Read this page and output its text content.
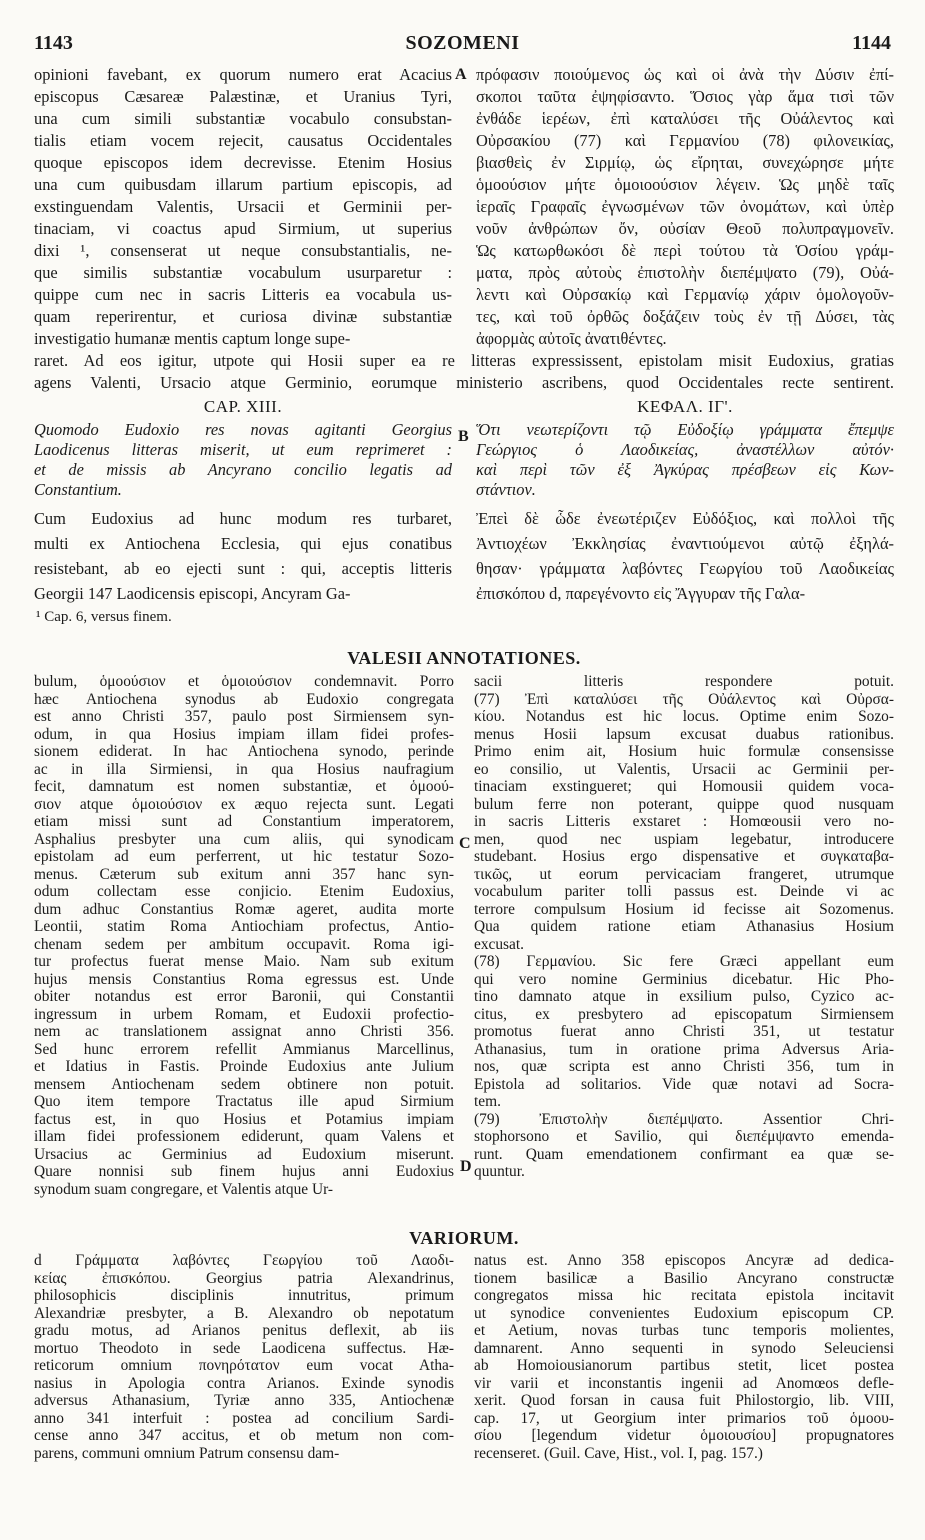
1143	SOZOMENI	1144
opinioni favebant, ex quorum numero erat Acacius
episcopus Cæsareæ Palæstinæ, et Uranius Tyri,
una cum simili substantiæ vocabulo consubstan-
tialis etiam vocem rejecit, causatus Occidentales
quoque episcopos idem decrevisse. Etenim Hosius
una cum quibusdam illarum partium episcopis, ad
exstinguendam Valentis, Ursacii et Germinii per-
tinaciam, vi coactus apud Sirmium, ut superius
dixi ¹, consenserat ut neque consubstantialis, ne-
que similis substantiæ vocabulum usurparetur :
quippe cum nec in sacris Litteris ea vocabula us-
quam reperirentur, et curiosa divinæ substantiæ
investigatio humanæ mentis captum longe supe-
πρόφασιν ποιούμενος ὡς καὶ οἱ ἀνὰ τὴν Δύσιν ἐπί-
σκοποι ταῦτα ἐψηφίσαντο. Ὅσιος γὰρ ἅμα τισὶ τῶν
ἐνθάδε ἱερέων, ἐπὶ καταλύσει τῆς Οὐάλεντος καὶ
Οὐρσακίου (77) καὶ Γερμανίου (78) φιλονεικίας,
βιασθεὶς ἐν Σιρμίῳ, ὡς εἴρηται, συνεχώρησε μήτε
ὁμοούσιον μήτε ὁμοιοούσιον λέγειν. Ὡς μηδὲ ταῖς
ἱεραῖς Γραφαῖς ἐγνωσμένων τῶν ὀνομάτων, καὶ ὑπὲρ
νοῦν ἀνθρώπων ὄν, οὐσίαν Θεοῦ πολυπραγμονεῖν.
Ὡς κατωρθωκόσι δὲ περὶ τούτου τὰ Ὁσίου γράμ-
ματα, πρὸς αὐτοὺς ἐπιστολὴν διεπέμψατο (79), Οὐά-
λεντι καὶ Οὐρσακίῳ καὶ Γερμανίῳ χάριν ὁμολογοῦν-
τες, καὶ τοῦ ὀρθῶς δοξάζειν τοὺς ἐν τῇ Δύσει, τὰς
ἀφορμὰς αὐτοῖς ἀνατιθέντες.
raret. Ad eos igitur, utpote qui Hosii super ea re litteras expressissent, epistolam misit Eudoxius, gratias
agens Valenti, Ursacio atque Germinio, eorumque ministerio ascribens, quod Occidentales recte sentirent.
CAP. XIII.	ΚΕΦΑΛ. ΙΓ'.
Quomodo Eudoxio res novas agitanti Georgius
Laodicenus litteras miserit, ut eum reprimeret :
et de missis ab Ancyrano concilio legatis ad
Constantium.
Ὅτι νεωτερίζοντι τῷ Εὐδοξίῳ γράμματα ἔπεμψε
Γεώργιος ὁ Λαοδικείας, ἀναστέλλων αὐτόν·
καὶ περὶ τῶν ἐξ Ἀγκύρας πρέσβεων εἰς Κων-
στάντιον.
Cum Eudoxius ad hunc modum res turbaret,
multi ex Antiochena Ecclesia, qui ejus conatibus
resistebant, ab eo ejecti sunt : qui, acceptis litteris
Georgii 147 Laodicensis episcopi, Ancyram Ga-
Ἐπεὶ δὲ ὧδε ἐνεωτέριζεν Εὐδόξιος, καὶ πολλοὶ τῆς
Ἀντιοχέων Ἐκκλησίας ἐναντιούμενοι αὐτῷ ἐξηλά-
θησαν· γράμματα λαβόντες Γεωργίου τοῦ Λαοδικείας
ἐπισκόπου d, παρεγένοντο εἰς Ἄγγυραν τῆς Γαλα-
¹ Cap. 6, versus finem.
A
B
C
D
VALESII ANNOTATIONES.
bulum, ὁμοούσιον et ὁμοιούσιον condemnavit. Porro
hæc Antiochena synodus ab Eudoxio congregata
est anno Christi 357, paulo post Sirmiensem syn-
odum, in qua Hosius impiam illam fidei profes-
sionem ediderat. In hac Antiochena synodo, perinde
ac in illa Sirmiensi, in qua Hosius naufragium
fecit, damnatum est nomen substantiæ, et ὁμοού-
σιον atque ὁμοιούσιον ex æquo rejecta sunt. Legati
etiam missi sunt ad Constantium imperatorem,
Asphalius presbyter una cum aliis, qui synodicam
epistolam ad eum perferrent, ut hic testatur Sozo-
menus. Cæterum sub exitum anni 357 hanc syn-
odum collectam esse conjicio. Etenim Eudoxius,
dum adhuc Constantius Romæ ageret, audita morte
Leontii, statim Roma Antiochiam profectus, Antio-
chenam sedem per ambitum occupavit. Roma igi-
tur profectus fuerat mense Maio. Nam sub exitum
hujus mensis Constantius Roma egressus est. Unde
obiter notandus est error Baronii, qui Constantii
ingressum in urbem Romam, et Eudoxii profectio-
nem ac translationem assignat anno Christi 356.
Sed hunc errorem refellit Ammianus Marcellinus,
et Idatius in Fastis. Proinde Eudoxius ante Julium
mensem Antiochenam sedem obtinere non potuit.
Quo item tempore Tractatus ille apud Sirmium
factus est, in quo Hosius et Potamius impiam
illam fidei professionem ediderunt, quam Valens et
Ursacius ac Germinius ad Eudoxium miserunt.
Quare nonnisi sub finem hujus anni Eudoxius
synodum suam congregare, et Valentis atque Ur-
sacii litteris respondere potuit.
(77) Ἐπὶ καταλύσει τῆς Οὐάλεντος καὶ Οὐρσα-
κίου. Notandus est hic locus. Optime enim Sozo-
menus Hosii lapsum excusat duabus rationibus.
Primo enim ait, Hosium huic formulæ consensisse
eo consilio, ut Valentis, Ursacii ac Germinii per-
tinaciam exstingueret; qui Homousii quidem voca-
bulum ferre non poterant, quippe quod nusquam
in sacris Litteris exstaret : Homœousii vero no-
men, quod nec uspiam legebatur, introducere
studebant. Hosius ergo dispensative et συγκαταβα-
τικῶς, ut eorum pervicaciam frangeret, utrumque
vocabulum pariter tolli passus est. Deinde vi ac
terrore compulsum Hosium id fecisse ait Sozomenus.
Qua quidem ratione etiam Athanasius Hosium
excusat.
(78) Γερμανίου. Sic fere Græci appellant eum
qui vero nomine Germinius dicebatur. Hic Pho-
tino damnato atque in exsilium pulso, Cyzico ac-
citus, ex presbytero ad episcopatum Sirmiensem
promotus fuerat anno Christi 351, ut testatur
Athanasius, tum in oratione prima Adversus Aria-
nos, quæ scripta est anno Christi 356, tum in
Epistola ad solitarios. Vide quæ notavi ad Socra-
tem.
(79) Ἐπιστολὴν διεπέμψατο. Assentior Chri-
stophorsono et Savilio, qui διεπέμψαντο emenda-
runt. Quam emendationem confirmant ea quæ se-
quuntur.
VARIORUM.
d Γράμματα λαβόντες Γεωργίου τοῦ Λαοδι-
κείας ἐπισκόπου. Georgius patria Alexandrinus,
philosophicis disciplinis innutritus, primum
Alexandriæ presbyter, a B. Alexandro ob nepotatum
gradu motus, ad Arianos penitus deflexit, ab iis
mortuo Theodoto in sede Laodicena suffectus. Hæ-
reticorum omnium πονηρότατον eum vocat Atha-
nasius in Apologia contra Arianos. Exinde synodis
adversus Athanasium, Tyriæ anno 335, Antiochenæ
anno 341 interfuit : postea ad concilium Sardi-
cense anno 347 accitus, et ob metum non com-
parens, communi omnium Patrum consensu dam-
natus est. Anno 358 episcopos Ancyræ ad dedica-
tionem basilicæ a Basilio Ancyrano constructæ
congregatos missa hic recitata epistola incitavit
ut synodice convenientes Eudoxium episcopum CP.
et Aetium, novas turbas tunc temporis molientes,
damnarent. Anno sequenti in synodo Seleuciensi
ab Homoiousianorum partibus stetit, licet postea
vir varii et inconstantis ingenii ad Anomœos defle-
xerit. Quod forsan in causa fuit Philostorgio, lib. VIII,
cap. 17, ut Georgium inter primarios τοῦ ὁμοου-
σίου [legendum videtur ὁμοιουσίου] propugnatores
recenseret. (Guil. Cave, Hist., vol. I, pag. 157.)
